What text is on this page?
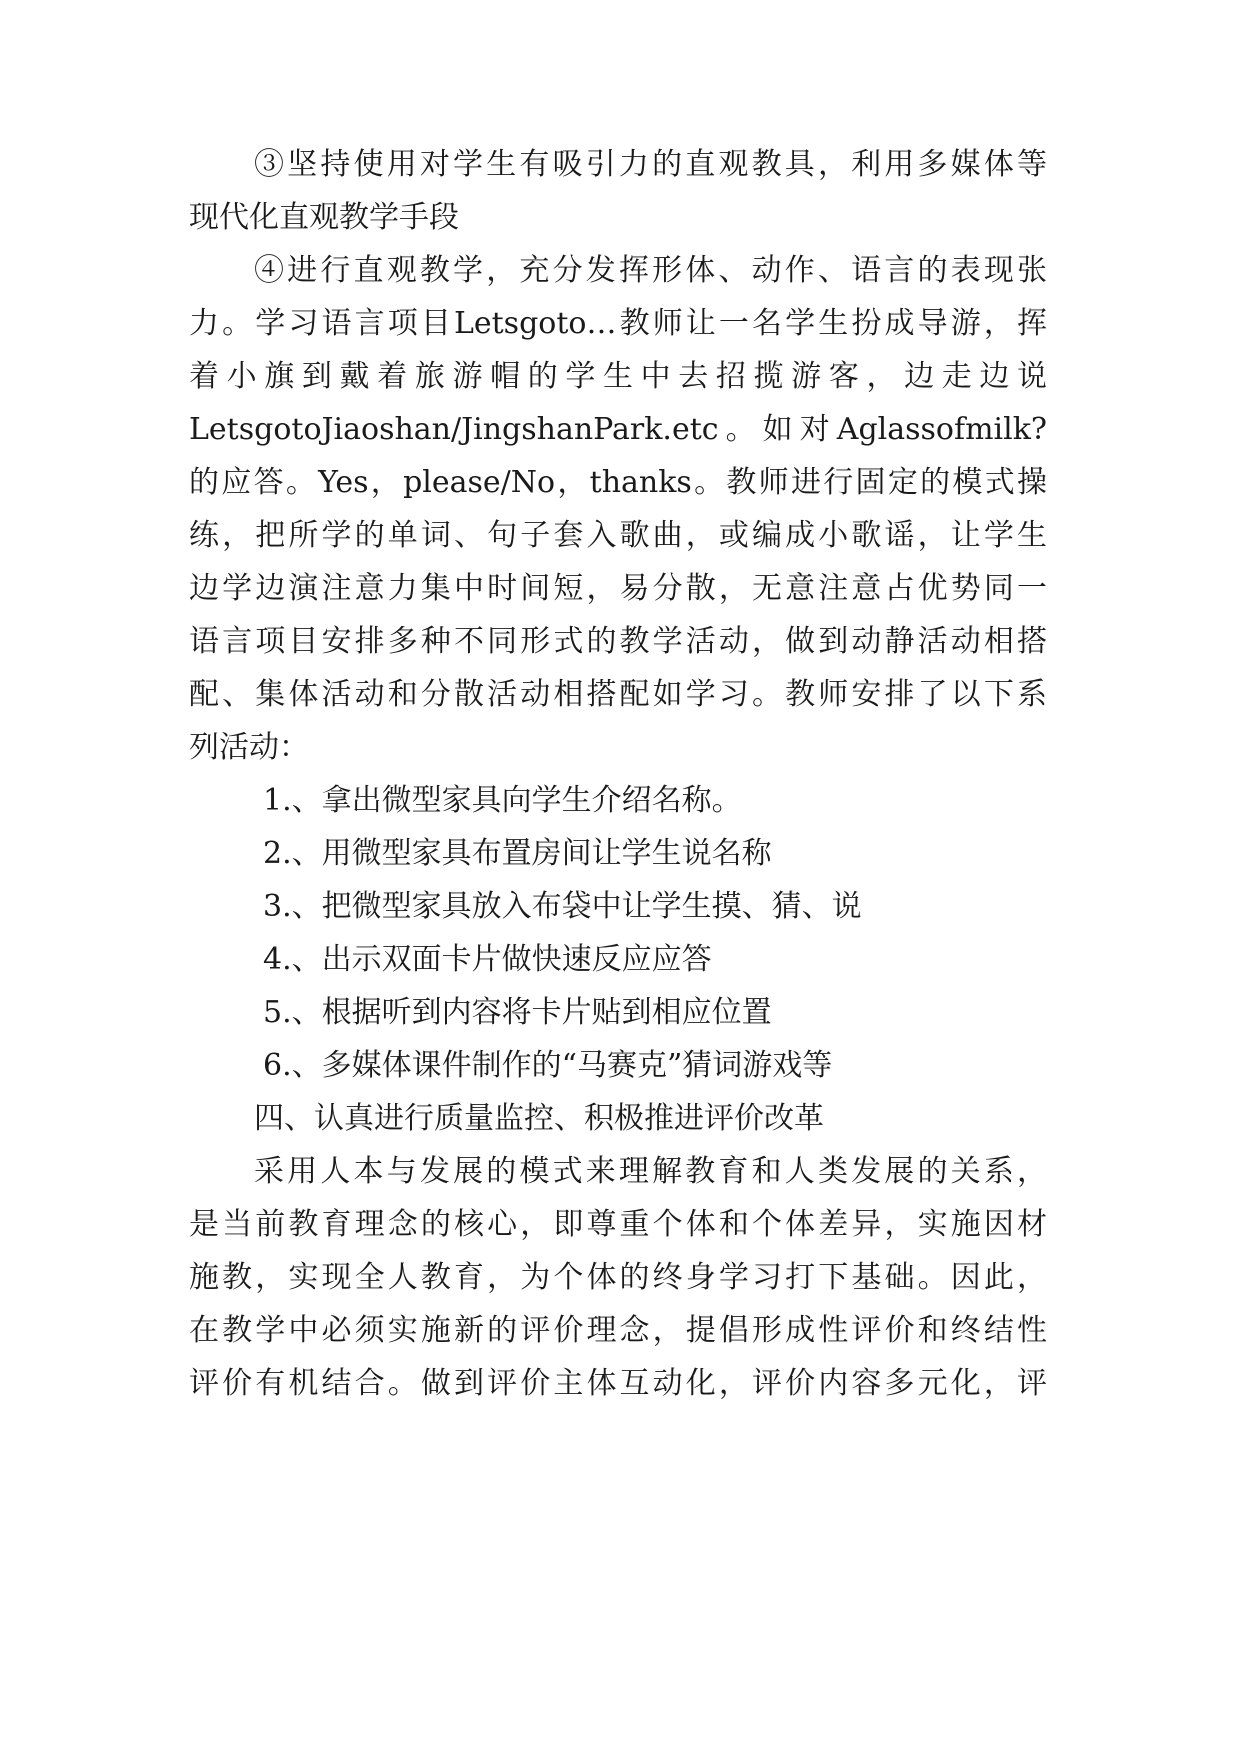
③坚持使用对学生有吸引力的直观教具，利用多媒体等
现代化直观教学手段
④进行直观教学，充分发挥形体、动作、语言的表现张
力。学习语言项目Letsgoto…教师让一名学生扮成导游，挥
着小旗到戴着旅游帽的学生中去招揽游客，边走边说
LetsgotoJiaoshan/JingshanPark.etc。如对Aglassofmilk?
的应答。Yes，please/No，thanks。教师进行固定的模式操
练，把所学的单词、句子套入歌曲，或编成小歌谣，让学生
边学边演注意力集中时间短，易分散，无意注意占优势同一
语言项目安排多种不同形式的教学活动，做到动静活动相搭
配、集体活动和分散活动相搭配如学习。教师安排了以下系
列活动：
1.、拿出微型家具向学生介绍名称。
2.、用微型家具布置房间让学生说名称
3.、把微型家具放入布袋中让学生摸、猜、说
4.、出示双面卡片做快速反应应答
5.、根据听到内容将卡片贴到相应位置
6.、多媒体课件制作的“马赛克”猜词游戏等
四、认真进行质量监控、积极推进评价改革
采用人本与发展的模式来理解教育和人类发展的关系，
是当前教育理念的核心，即尊重个体和个体差异，实施因材
施教，实现全人教育，为个体的终身学习打下基础。因此，
在教学中必须实施新的评价理念，提倡形成性评价和终结性
评价有机结合。做到评价主体互动化，评价内容多元化，评
